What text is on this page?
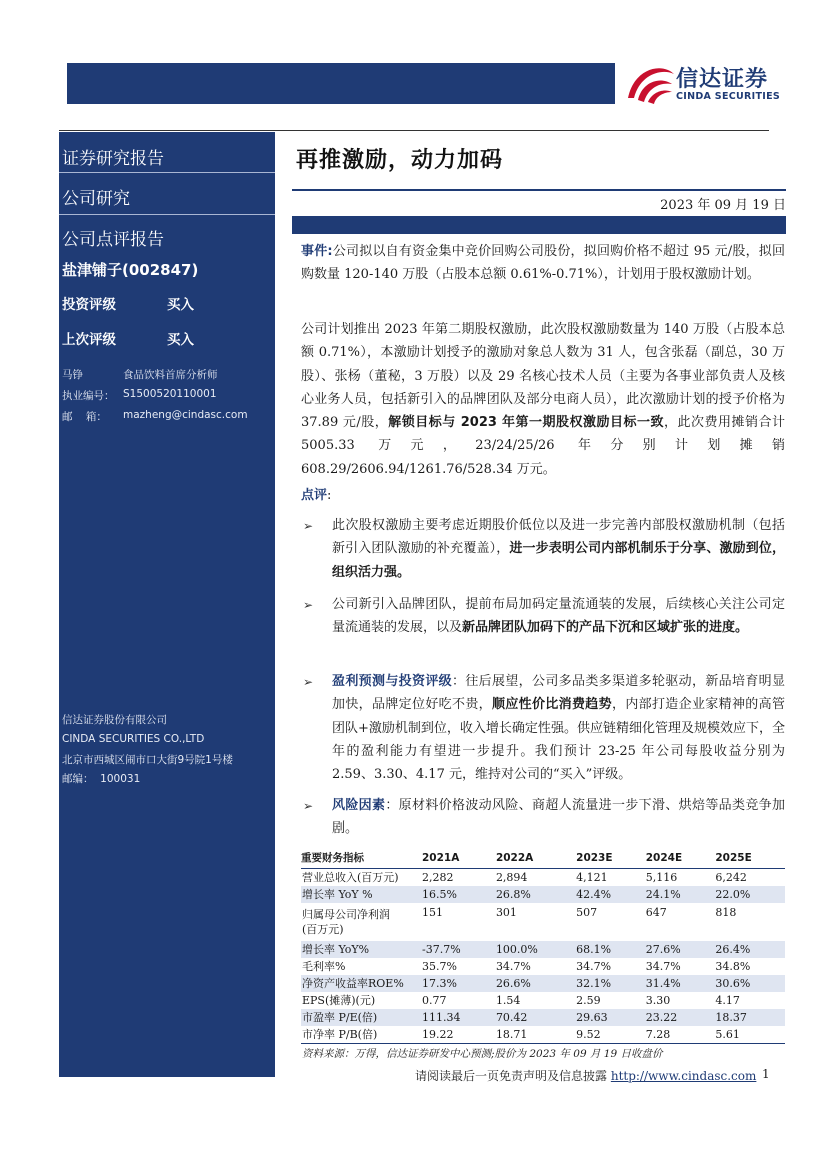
信达证券
CINDA SECURITIES
证券研究报告
公司研究
公司点评报告
盐津铺子(002847)
投资评级	买入
上次评级	买入
马铮	食品饮料首席分析师
执业编号： S1500520110001
邮    箱： mazheng@cindasc.com
信达证券股份有限公司
CINDA SECURITIES CO.,LTD
北京市西城区闹市口大街9号院1号楼
邮编：  100031
再推激励，动力加码
2023 年 09 月 19 日
事件:公司拟以自有资金集中竞价回购公司股份，拟回购价格不超过 95 元/股，拟回购数量 120-140 万股（占股本总额 0.61%-0.71%），计划用于股权激励计划。
公司计划推出 2023 年第二期股权激励，此次股权激励数量为 140 万股（占股本总额 0.71%），本激励计划授予的激励对象总人数为 31 人，包含张磊（副总，30 万股）、张杨（董秘，3 万股）以及 29 名核心技术人员（主要为各事业部负责人及核心业务人员，包括新引入的品牌团队及部分电商人员），此次激励计划的授予价格为 37.89 元/股，解锁目标与 2023 年第一期股权激励目标一致，此次费用摊销合计 5005.33 万元，23/24/25/26 年分别计划摊销 608.29/2606.94/1261.76/528.34 万元。
点评:
➢ 此次股权激励主要考虑近期股价低位以及进一步完善内部股权激励机制（包括新引入团队激励的补充覆盖），进一步表明公司内部机制乐于分享、激励到位，组织活力强。
➢ 公司新引入品牌团队，提前布局加码定量流通装的发展，后续核心关注公司定量流通装的发展，以及新品牌团队加码下的产品下沉和区域扩张的进度。
➢ 盈利预测与投资评级：往后展望，公司多品类多渠道多轮驱动，新品培育明显加快，品牌定位好吃不贵，顺应性价比消费趋势，内部打造企业家精神的高管团队+激励机制到位，收入增长确定性强。供应链精细化管理及规模效应下，全年的盈利能力有望进一步提升。我们预计 23-25 年公司每股收益分别为 2.59、3.30、4.17 元，维持对公司的“买入”评级。
➢ 风险因素：原材料价格波动风险、商超人流量进一步下滑、烘焙等品类竞争加剧。
重要财务指标	2021A	2022A	2023E	2024E	2025E
营业总收入(百万元)	2,282	2,894	4,121	5,116	6,242
增长率 YoY %	16.5%	26.8%	42.4%	24.1%	22.0%
归属母公司净利润
(百万元)	151	301	507	647	818
增长率 YoY%	-37.7%	100.0%	68.1%	27.6%	26.4%
毛利率%	35.7%	34.7%	34.7%	34.7%	34.8%
净资产收益率ROE%	17.3%	26.6%	32.1%	31.4%	30.6%
EPS(摊薄)(元)	0.77	1.54	2.59	3.30	4.17
市盈率 P/E(倍)	111.34	70.42	29.63	23.22	18.37
市净率 P/B(倍)	19.22	18.71	9.52	7.28	5.61
资料来源：万得，信达证券研发中心预测;股价为 2023 年 09 月 19 日收盘价
请阅读最后一页免责声明及信息披露 http://www.cindasc.com 1
